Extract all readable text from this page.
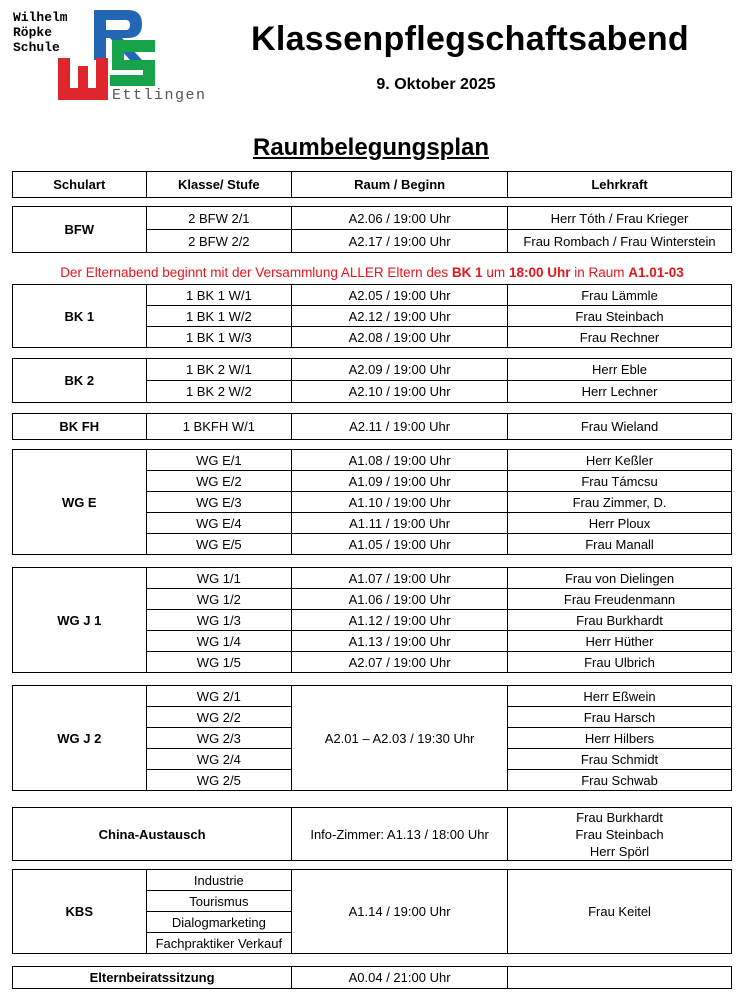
Wilhelm
Röpke
Schule
Ettlingen
Klassenpflegschaftsabend
9. Oktober 2025
Raumbelegungsplan
Schulart	Klasse/ Stufe	Raum / Beginn	Lehrkraft
BFW	2 BFW 2/1	A2.06 / 19:00 Uhr	Herr Tóth / Frau Krieger
	2 BFW 2/2	A2.17 / 19:00 Uhr	Frau Rombach / Frau Winterstein
Der Elternabend beginnt mit der Versammlung ALLER Eltern des BK 1 um 18:00 Uhr in Raum A1.01-03
BK 1	1 BK 1 W/1	A2.05 / 19:00 Uhr	Frau Lämmle
	1 BK 1 W/2	A2.12 / 19:00 Uhr	Frau Steinbach
	1 BK 1 W/3	A2.08 / 19:00 Uhr	Frau Rechner
BK 2	1 BK 2 W/1	A2.09 / 19:00 Uhr	Herr Eble
	1 BK 2 W/2	A2.10 / 19:00 Uhr	Herr Lechner
BK FH	1 BKFH W/1	A2.11 / 19:00 Uhr	Frau Wieland
WG E	WG E/1	A1.08 / 19:00 Uhr	Herr Keßler
	WG E/2	A1.09 / 19:00 Uhr	Frau Támcsu
	WG E/3	A1.10 / 19:00 Uhr	Frau Zimmer, D.
	WG E/4	A1.11 / 19:00 Uhr	Herr Ploux
	WG E/5	A1.05 / 19:00 Uhr	Frau Manall
WG J 1	WG 1/1	A1.07 / 19:00 Uhr	Frau von Dielingen
	WG 1/2	A1.06 / 19:00 Uhr	Frau Freudenmann
	WG 1/3	A1.12 / 19:00 Uhr	Frau Burkhardt
	WG 1/4	A1.13 / 19:00 Uhr	Herr Hüther
	WG 1/5	A2.07 / 19:00 Uhr	Frau Ulbrich
WG J 2	WG 2/1	A2.01 – A2.03 / 19:30 Uhr	Herr Eßwein
	WG 2/2		Frau Harsch
	WG 2/3		Herr Hilbers
	WG 2/4		Frau Schmidt
	WG 2/5		Frau Schwab
China-Austausch	Info-Zimmer: A1.13 / 18:00 Uhr	
Frau Burkhardt
Frau Steinbach
Herr Spörl
KBS	Industrie	A1.14 / 19:00 Uhr	Frau Keitel
Tourismus
Dialogmarketing
Fachpraktiker Verkauf
Elternbeiratssitzung	A0.04 / 21:00 Uhr	
